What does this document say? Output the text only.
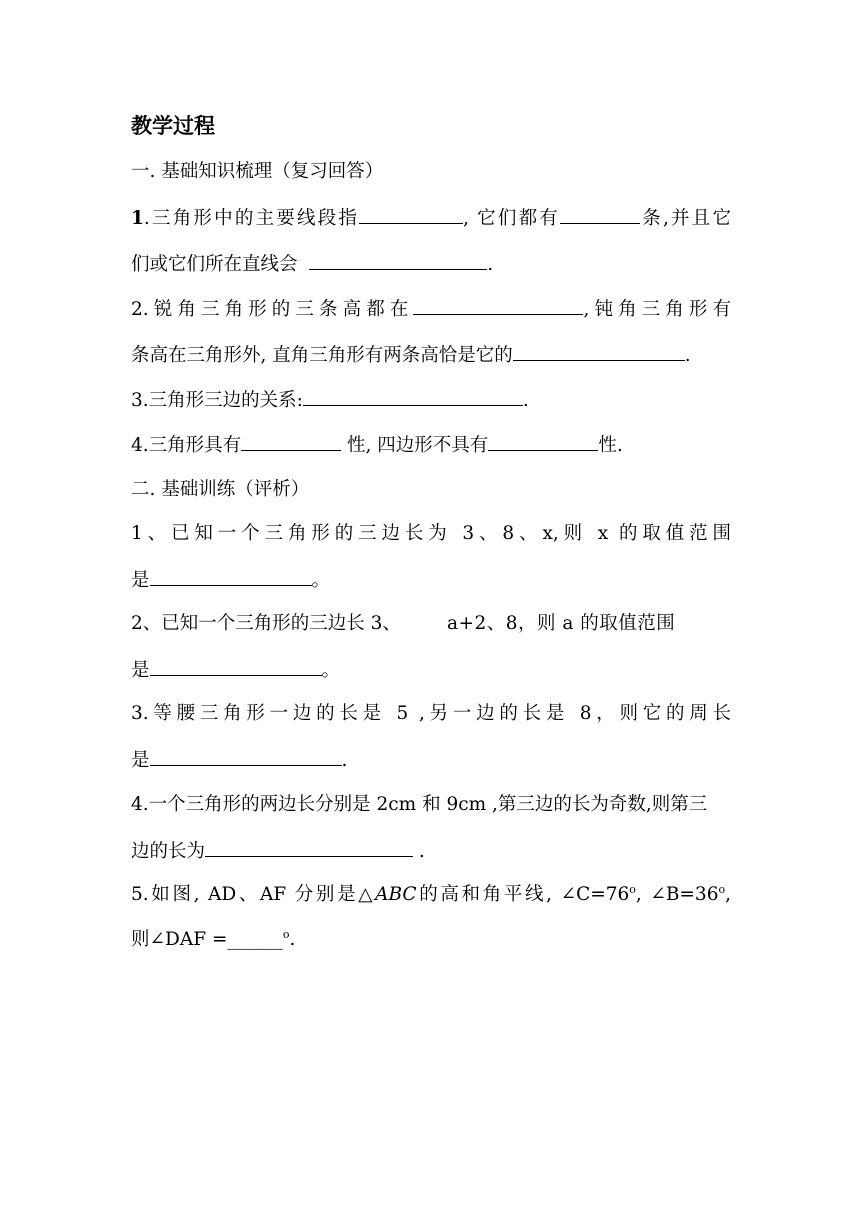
教学过程
一. 基础知识梳理（复习回答）
1.三角形中的主要线段指	, 它们都有	条,并且它
们或它们所在直线会	.
2.锐角三角形的三条高都在	,钝角三角形有
条高在三角形外, 直角三角形有两条高恰是它的	.
3.三角形三边的关系:	.
4.三角形具有	性, 四边形不具有	性.
二. 基础训练（评析）
1、已知一个三角形的三边长为 3、8、x,则 x 的取值范围
是	。
2、已知一个三角形的三边长 3、 a+2、8，则 a 的取值范围
是	。
3.等腰三角形一边的长是 5 ,另一边的长是 8，则它的周长
是	.
4.一个三角形的两边长分别是 2cm 和 9cm ,第三边的长为奇数,则第三
边的长为	.
5.如图, AD、AF 分别是△ABC的高和角平线, $\angle C=76^o$, $\angle B=36^o$,
则∠DAF =______$^o$.
